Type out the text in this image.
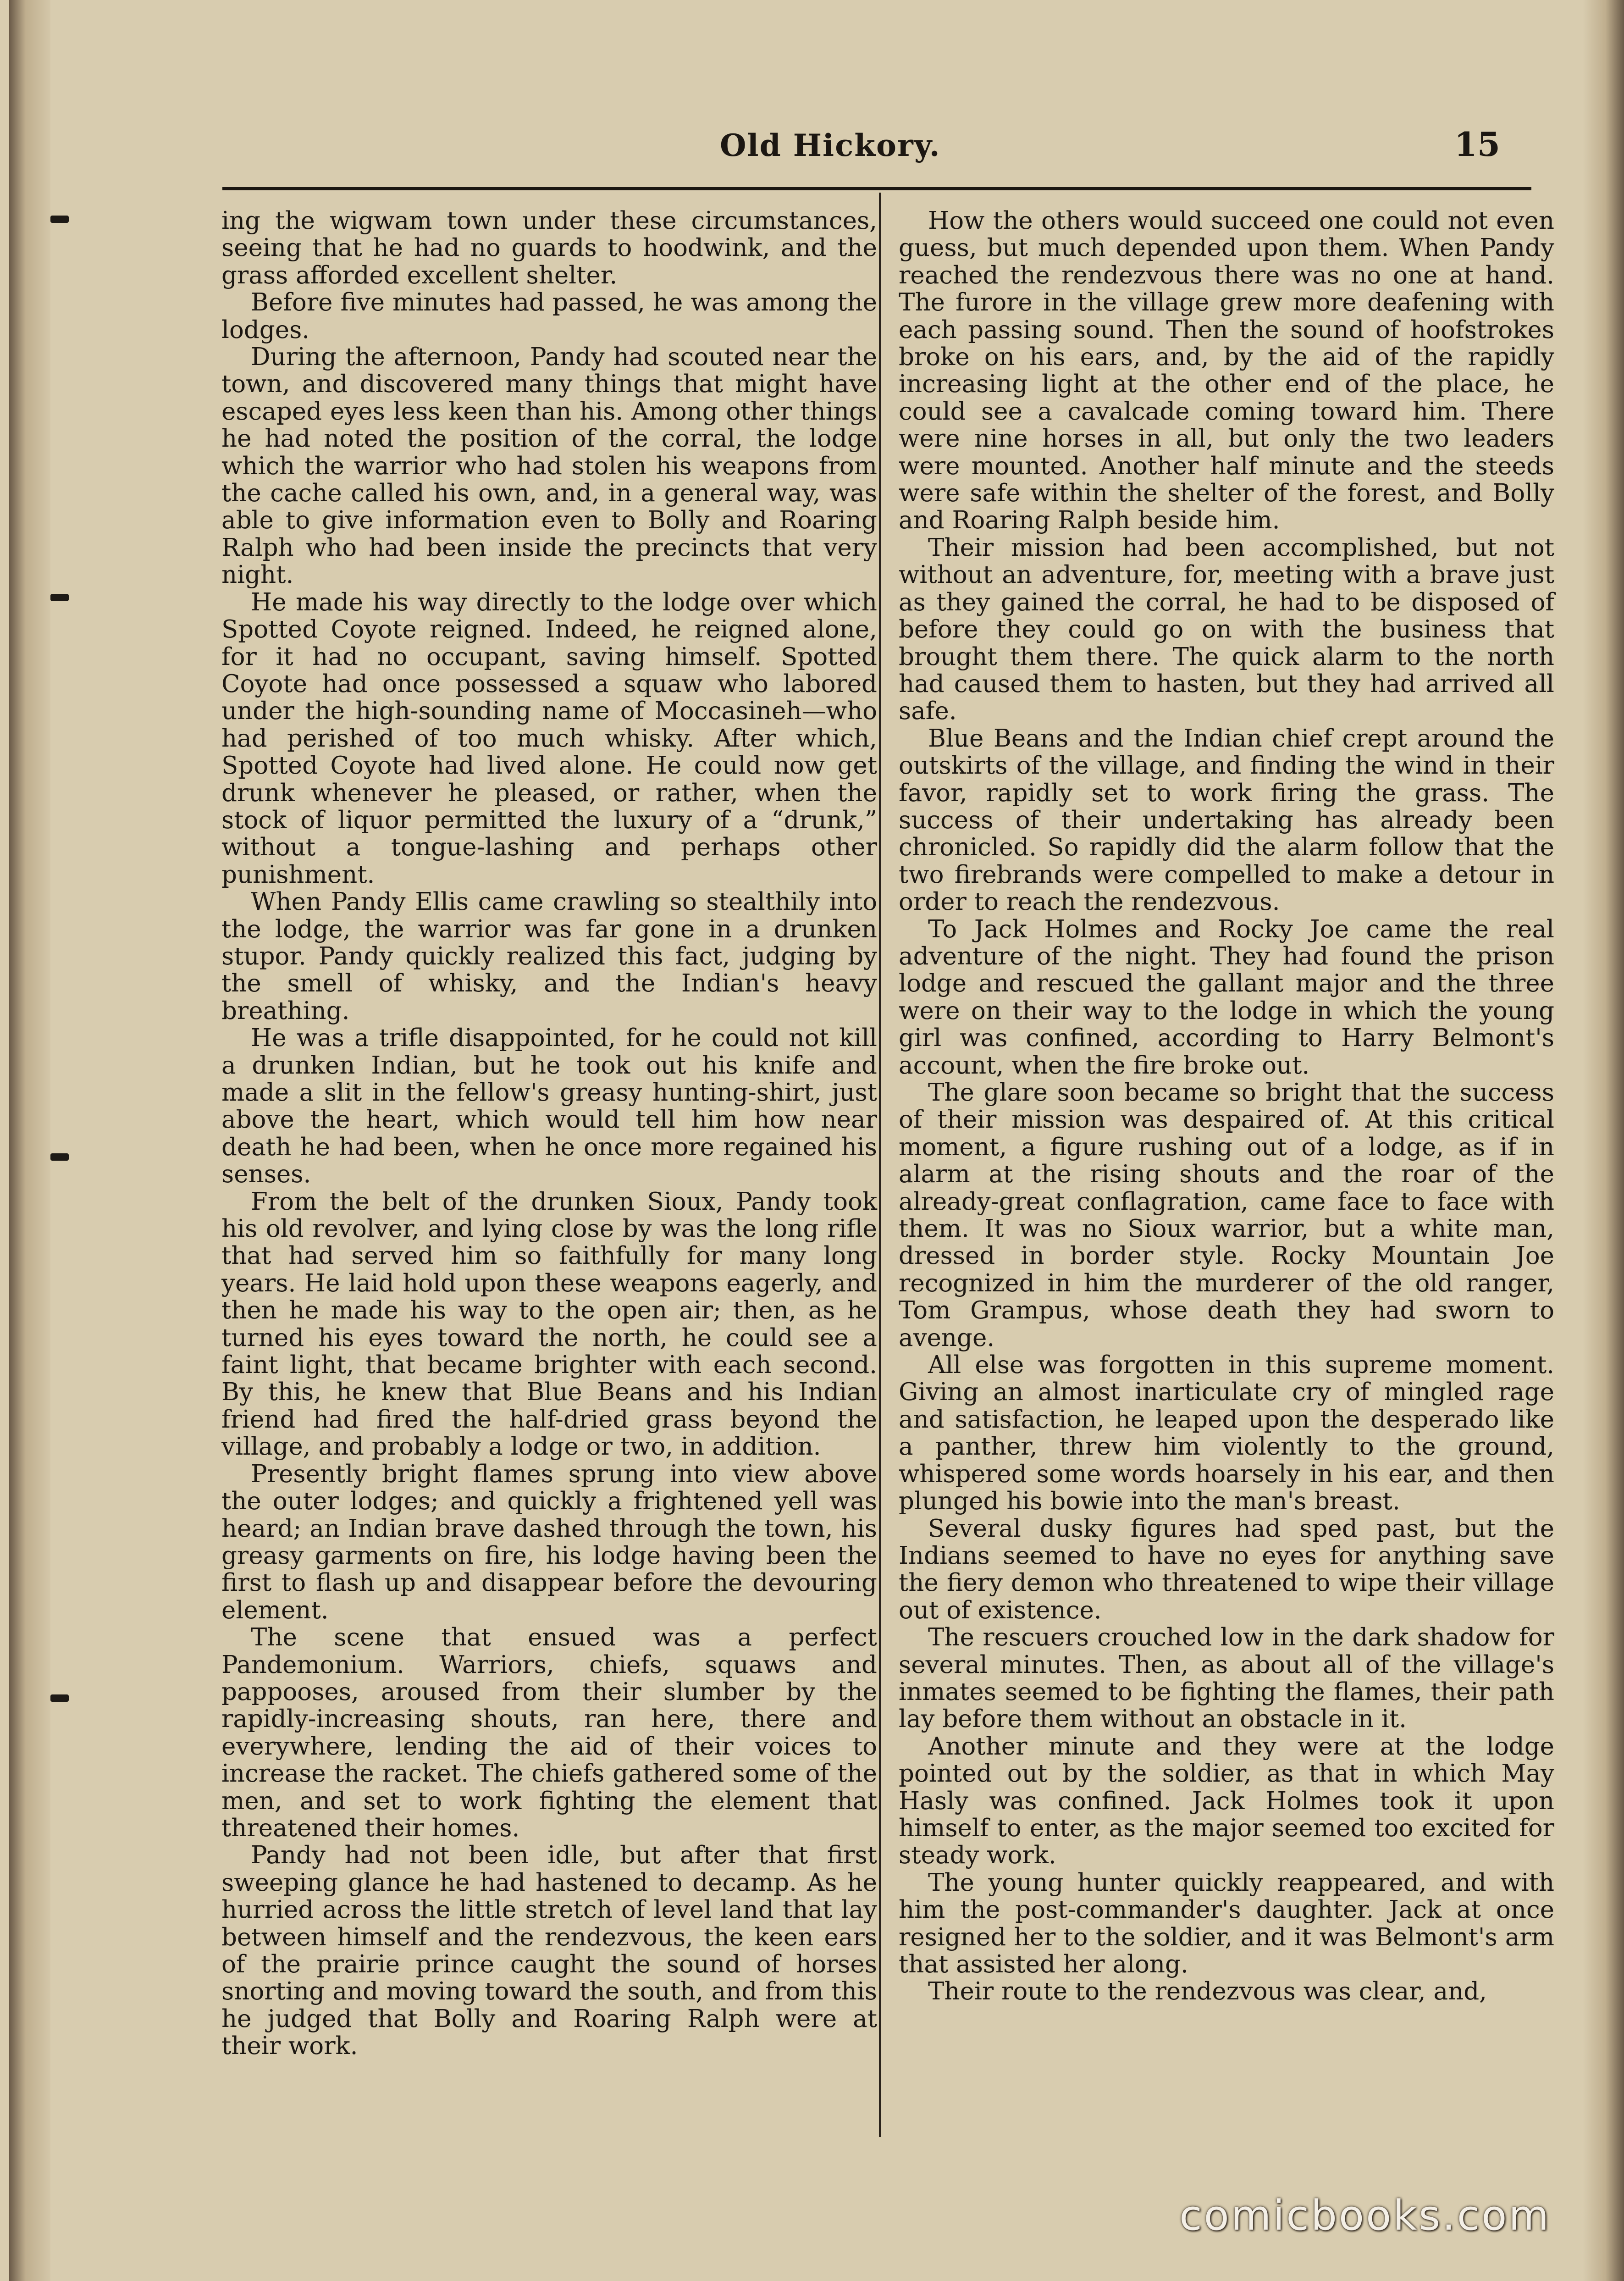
Old Hickory.	15

ing the wigwam town under these circumstances, seeing that he had no guards to hoodwink, and the grass afforded excellent shelter.

Before five minutes had passed, he was among the lodges.

During the afternoon, Pandy had scouted near the town, and discovered many things that might have escaped eyes less keen than his. Among other things he had noted the position of the corral, the lodge which the warrior who had stolen his weapons from the cache called his own, and, in a general way, was able to give information even to Bolly and Roaring Ralph who had been inside the precincts that very night.

He made his way directly to the lodge over which Spotted Coyote reigned. Indeed, he reigned alone, for it had no occupant, saving himself. Spotted Coyote had once possessed a squaw who labored under the high-sounding name of Moccasineh—who had perished of too much whisky. After which, Spotted Coyote had lived alone. He could now get drunk whenever he pleased, or rather, when the stock of liquor permitted the luxury of a “drunk,” without a tongue-lashing and perhaps other punishment.

When Pandy Ellis came crawling so stealthily into the lodge, the warrior was far gone in a drunken stupor. Pandy quickly realized this fact, judging by the smell of whisky, and the Indian's heavy breathing.

He was a trifle disappointed, for he could not kill a drunken Indian, but he took out his knife and made a slit in the fellow's greasy hunting-shirt, just above the heart, which would tell him how near death he had been, when he once more regained his senses.

From the belt of the drunken Sioux, Pandy took his old revolver, and lying close by was the long rifle that had served him so faithfully for many long years. He laid hold upon these weapons eagerly, and then he made his way to the open air; then, as he turned his eyes toward the north, he could see a faint light, that became brighter with each second. By this, he knew that Blue Beans and his Indian friend had fired the half-dried grass beyond the village, and probably a lodge or two, in addition.

Presently bright flames sprung into view above the outer lodges; and quickly a frightened yell was heard; an Indian brave dashed through the town, his greasy garments on fire, his lodge having been the first to flash up and disappear before the devouring element.

The scene that ensued was a perfect Pandemonium. Warriors, chiefs, squaws and pappooses, aroused from their slumber by the rapidly-increasing shouts, ran here, there and everywhere, lending the aid of their voices to increase the racket. The chiefs gathered some of the men, and set to work fighting the element that threatened their homes.

Pandy had not been idle, but after that first sweeping glance he had hastened to decamp. As he hurried across the little stretch of level land that lay between himself and the rendezvous, the keen ears of the prairie prince caught the sound of horses snorting and moving toward the south, and from this he judged that Bolly and Roaring Ralph were at their work.

How the others would succeed one could not even guess, but much depended upon them. When Pandy reached the rendezvous there was no one at hand. The furore in the village grew more deafening with each passing sound. Then the sound of hoofstrokes broke on his ears, and, by the aid of the rapidly increasing light at the other end of the place, he could see a cavalcade coming toward him. There were nine horses in all, but only the two leaders were mounted. Another half minute and the steeds were safe within the shelter of the forest, and Bolly and Roaring Ralph beside him.

Their mission had been accomplished, but not without an adventure, for, meeting with a brave just as they gained the corral, he had to be disposed of before they could go on with the business that brought them there. The quick alarm to the north had caused them to hasten, but they had arrived all safe.

Blue Beans and the Indian chief crept around the outskirts of the village, and finding the wind in their favor, rapidly set to work firing the grass. The success of their undertaking has already been chronicled. So rapidly did the alarm follow that the two firebrands were compelled to make a detour in order to reach the rendezvous.

To Jack Holmes and Rocky Joe came the real adventure of the night. They had found the prison lodge and rescued the gallant major and the three were on their way to the lodge in which the young girl was confined, according to Harry Belmont's account, when the fire broke out.

The glare soon became so bright that the success of their mission was despaired of. At this critical moment, a figure rushing out of a lodge, as if in alarm at the rising shouts and the roar of the already-great conflagration, came face to face with them. It was no Sioux warrior, but a white man, dressed in border style. Rocky Mountain Joe recognized in him the murderer of the old ranger, Tom Grampus, whose death they had sworn to avenge.

All else was forgotten in this supreme moment. Giving an almost inarticulate cry of mingled rage and satisfaction, he leaped upon the desperado like a panther, threw him violently to the ground, whispered some words hoarsely in his ear, and then plunged his bowie into the man's breast.

Several dusky figures had sped past, but the Indians seemed to have no eyes for anything save the fiery demon who threatened to wipe their village out of existence.

The rescuers crouched low in the dark shadow for several minutes. Then, as about all of the village's inmates seemed to be fighting the flames, their path lay before them without an obstacle in it.

Another minute and they were at the lodge pointed out by the soldier, as that in which May Hasly was confined. Jack Holmes took it upon himself to enter, as the major seemed too excited for steady work.

The young hunter quickly reappeared, and with him the post-commander's daughter. Jack at once resigned her to the soldier, and it was Belmont's arm that assisted her along.

Their route to the rendezvous was clear, and,

comicbooks.com
